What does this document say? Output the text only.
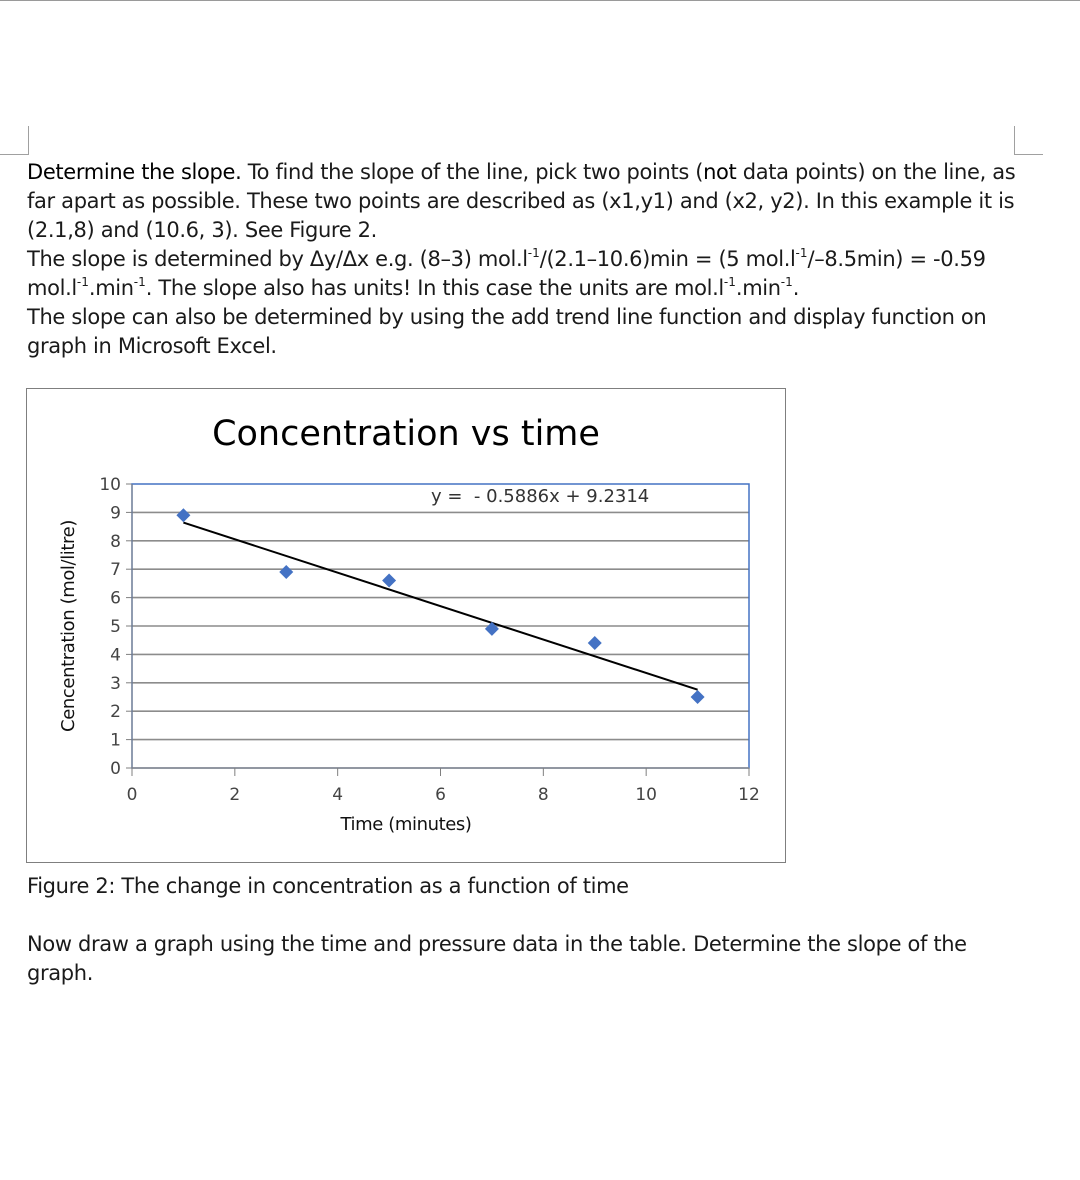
Determine the slope. To find the slope of the line, pick two points (not data points) on the line, as far apart as possible. These two points are described as (x1,y1) and (x2, y2). In this example it is (2.1,8) and (10.6, 3). See Figure 2.
The slope is determined by Δy/Δx e.g. (8–3) $mol.l^{-1}/(2.1-10.6)\min = (5$ $mol.l^{-1}/-8.5\min) = -0.59$ $mol.l^{-1}.\min^{-1}$. The slope also has units! In this case the units are $mol.l^{-1}.\min^{-1}$.
The slope can also be determined by using the add trend line function and display function on graph in Microsoft Excel.
Concentration vs time
0
1
2
3
4
5
6
7
8
9
10
0	2	4	6	8	10	12
Time (minutes)
Cencentration (mol/litre)
y =  - 0.5886x + 9.2314
Figure 2: The change in concentration as a function of time
Now draw a graph using the time and pressure data in the table. Determine the slope of the graph.
